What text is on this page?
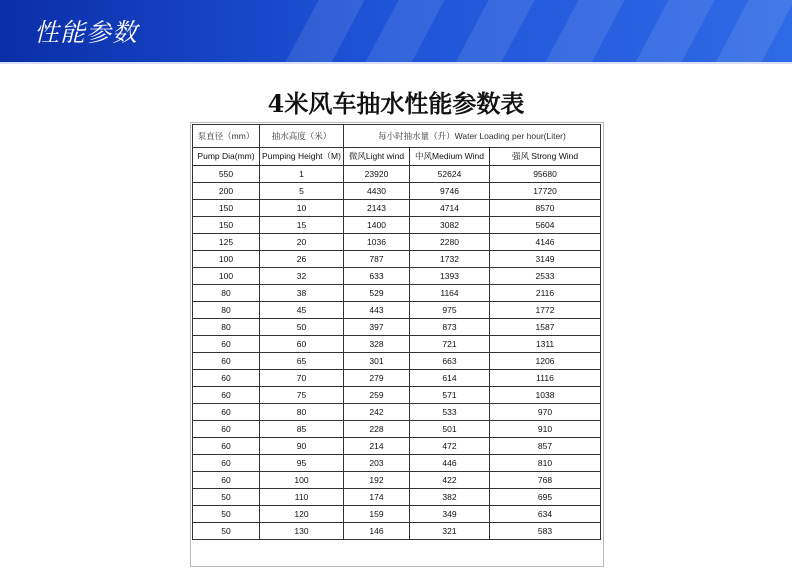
性能参数
4米风车抽水性能参数表
泵直径（mm）	抽水高度（米）	每小时抽水量（升）Water Loading per hour(Liter)		
Pump Dia(mm)	Pumping Height（M)	微风Light wind	中风Medium Wind	强风 Strong Wind
550	1	23920	52624	95680
200	5	4430	9746	17720
150	10	2143	4714	8570
150	15	1400	3082	5604
125	20	1036	2280	4146
100	26	787	1732	3149
100	32	633	1393	2533
80	38	529	1164	2116
80	45	443	975	1772
80	50	397	873	1587
60	60	328	721	1311
60	65	301	663	1206
60	70	279	614	1116
60	75	259	571	1038
60	80	242	533	970
60	85	228	501	910
60	90	214	472	857
60	95	203	446	810
60	100	192	422	768
50	110	174	382	695
50	120	159	349	634
50	130	146	321	583
